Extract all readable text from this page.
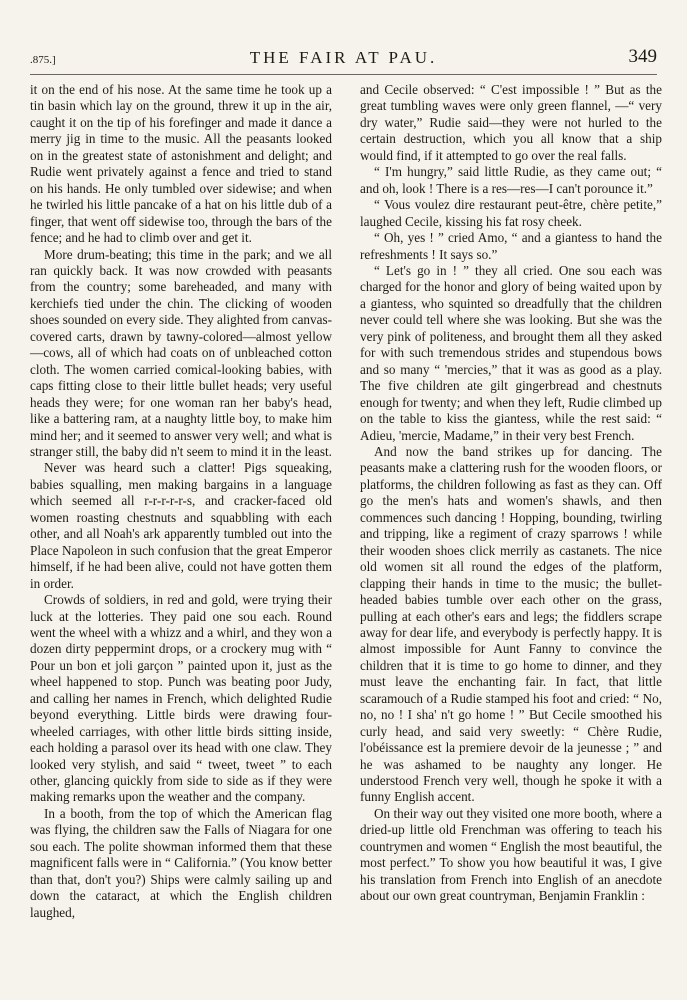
.875.]	THE FAIR AT PAU.	349

it on the end of his nose. At the same time he took up a tin basin which lay on the ground, threw it up in the air, caught it on the tip of his forefinger and made it dance a merry jig in time to the music. All the peasants looked on in the greatest state of astonishment and delight; and Rudie went privately against a fence and tried to stand on his hands. He only tumbled over sidewise; and when he twirled his little pancake of a hat on his little dub of a finger, that went off sidewise too, through the bars of the fence; and he had to climb over and get it.

More drum-beating; this time in the park; and we all ran quickly back. It was now crowded with peasants from the country; some bareheaded, and many with kerchiefs tied under the chin. The clicking of wooden shoes sounded on every side. They alighted from canvas-covered carts, drawn by tawny-colored—almost yellow—cows, all of which had coats on of unbleached cotton cloth. The women carried comical-looking babies, with caps fitting close to their little bullet heads; very useful heads they were; for one woman ran her baby's head, like a battering ram, at a naughty little boy, to make him mind her; and it seemed to answer very well; and what is stranger still, the baby did n't seem to mind it in the least.

Never was heard such a clatter! Pigs squeaking, babies squalling, men making bargains in a language which seemed all r-r-r-r-r-s, and cracker-faced old women roasting chestnuts and squabbling with each other, and all Noah's ark apparently tumbled out into the Place Napoleon in such confusion that the great Emperor himself, if he had been alive, could not have gotten them in order.

Crowds of soldiers, in red and gold, were trying their luck at the lotteries. They paid one sou each. Round went the wheel with a whizz and a whirl, and they won a dozen dirty peppermint drops, or a crockery mug with “ Pour un bon et joli garçon ” painted upon it, just as the wheel happened to stop. Punch was beating poor Judy, and calling her names in French, which delighted Rudie beyond everything. Little birds were drawing four-wheeled carriages, with other little birds sitting inside, each holding a parasol over its head with one claw. They looked very stylish, and said “ tweet, tweet ” to each other, glancing quickly from side to side as if they were making remarks upon the weather and the company.

In a booth, from the top of which the American flag was flying, the children saw the Falls of Niagara for one sou each. The polite showman informed them that these magnificent falls were in “ California.” (You know better than that, don't you?) Ships were calmly sailing up and down the cataract, at which the English children laughed,

and Cecile observed: “ C'est impossible ! ” But as the great tumbling waves were only green flannel, —“ very dry water,” Rudie said—they were not hurled to the certain destruction, which you all know that a ship would find, if it attempted to go over the real falls.

“ I'm hungry,” said little Rudie, as they came out; “ and oh, look ! There is a res—res—I can't porounce it.”

“ Vous voulez dire restaurant peut-être, chère petite,” laughed Cecile, kissing his fat rosy cheek.

“ Oh, yes ! ” cried Amo, “ and a giantess to hand the refreshments ! It says so.”

“ Let's go in ! ” they all cried. One sou each was charged for the honor and glory of being waited upon by a giantess, who squinted so dreadfully that the children never could tell where she was looking. But she was the very pink of politeness, and brought them all they asked for with such tremendous strides and stupendous bows and so many “ 'mercies,” that it was as good as a play. The five children ate gilt gingerbread and chestnuts enough for twenty; and when they left, Rudie climbed up on the table to kiss the giantess, while the rest said: “ Adieu, 'mercie, Madame,” in their very best French.

And now the band strikes up for dancing. The peasants make a clattering rush for the wooden floors, or platforms, the children following as fast as they can. Off go the men's hats and women's shawls, and then commences such dancing ! Hopping, bounding, twirling and tripping, like a regiment of crazy sparrows ! while their wooden shoes click merrily as castanets. The nice old women sit all round the edges of the platform, clapping their hands in time to the music; the bullet-headed babies tumble over each other on the grass, pulling at each other's ears and legs; the fiddlers scrape away for dear life, and everybody is perfectly happy. It is almost impossible for Aunt Fanny to convince the children that it is time to go home to dinner, and they must leave the enchanting fair. In fact, that little scaramouch of a Rudie stamped his foot and cried: “ No, no, no ! I sha' n't go home ! ” But Cecile smoothed his curly head, and said very sweetly: “ Chère Rudie, l'obéissance est la premiere devoir de la jeunesse ; ” and he was ashamed to be naughty any longer. He understood French very well, though he spoke it with a funny English accent.

On their way out they visited one more booth, where a dried-up little old Frenchman was offering to teach his countrymen and women “ English the most beautiful, the most perfect.” To show you how beautiful it was, I give his translation from French into English of an anecdote about our own great countryman, Benjamin Franklin :
